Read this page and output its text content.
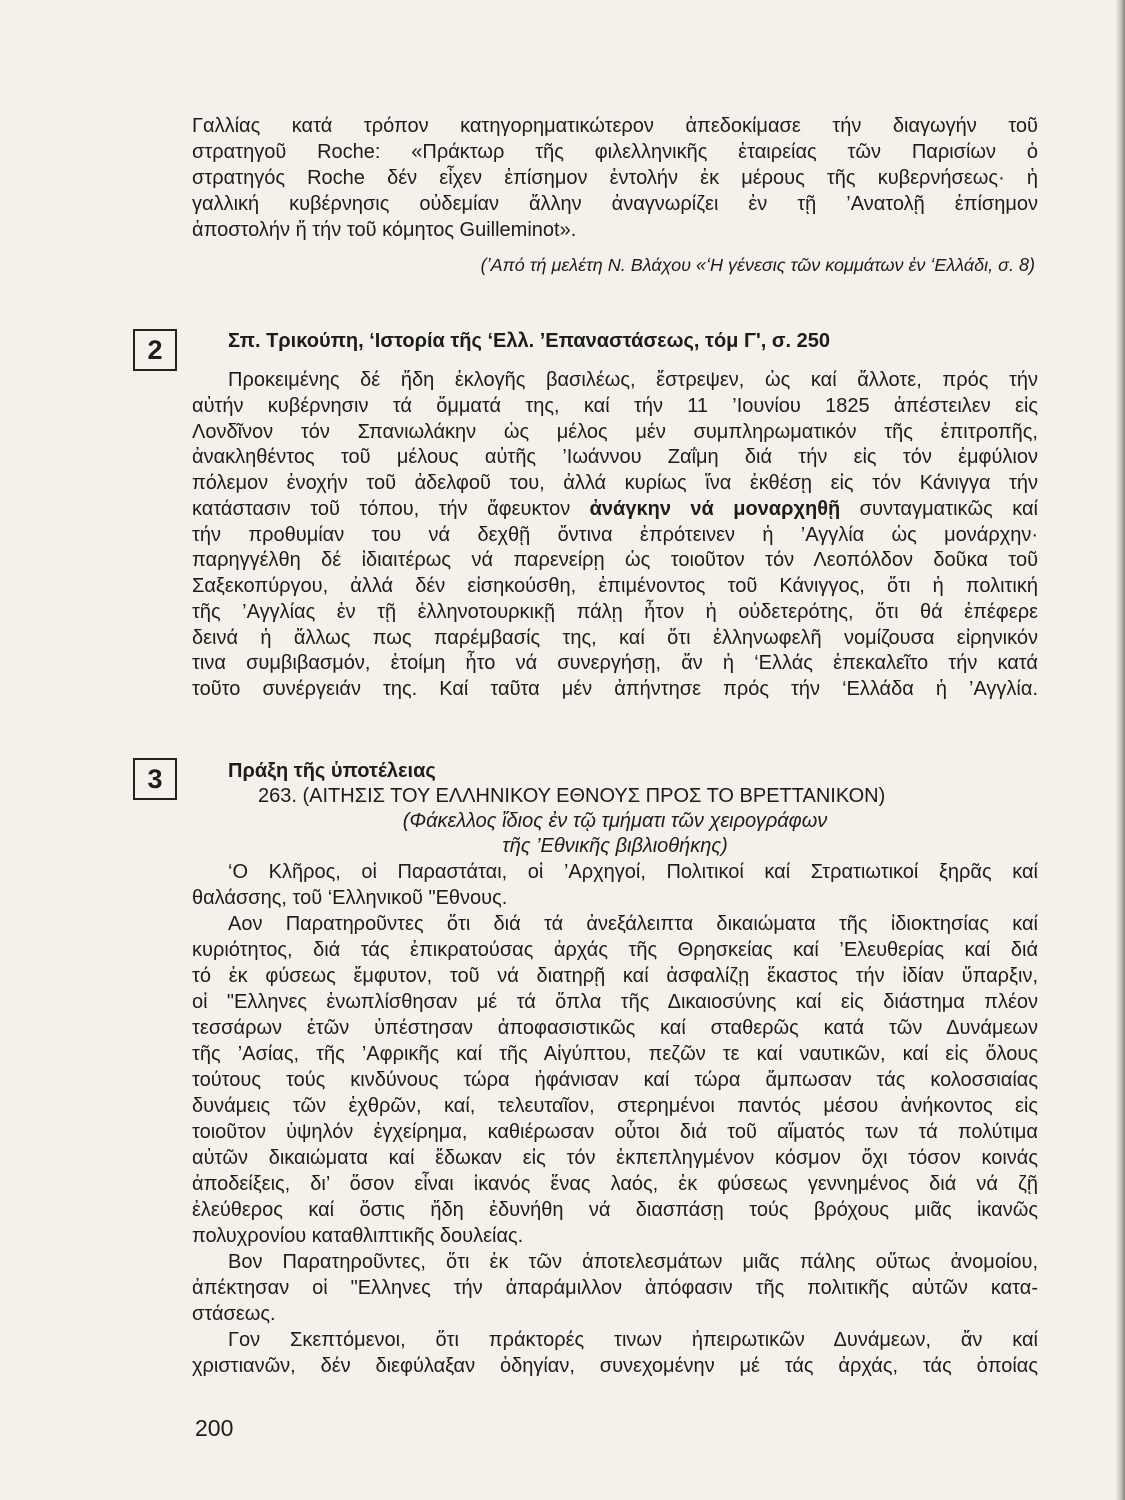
Γαλλίας κατά τρόπον κατηγορηματικώτερον ἀπεδοκίμασε τήν διαγωγήν τοῦ
στρατηγοῦ Roche: «Πράκτωρ τῆς φιλελληνικῆς ἑταιρείας τῶν Παρισίων ὁ
στρατηγός Roche δέν εἶχεν ἐπίσημον ἐντολήν ἐκ μέρους τῆς κυβερνήσεως· ἡ
γαλλική κυβέρνησις οὐδεμίαν ἄλλην ἀναγνωρίζει ἐν τῇ ’Ανατολῇ ἐπίσημον
ἀποστολήν ἤ τήν τοῦ κόμητος Guilleminot».
(’Από τή μελέτη Ν. Βλάχου «‘Η γένεσις τῶν κομμάτων ἐν ‘Ελλάδι, σ. 8)
2	Σπ. Τρικούπη, ‘Ιστορία τῆς ‘Ελλ. ’Επαναστάσεως, τόμ Γ', σ. 250
Προκειμένης δέ ἤδη ἐκλογῆς βασιλέως, ἔστρεψεν, ὡς καί ἄλλοτε, πρός τήν
αὐτήν κυβέρνησιν τά ὄμματά της, καί τήν 11 ’Ιουνίου 1825 ἀπέστειλεν εἰς
Λονδῖνον τόν Σπανιωλάκην ὡς μέλος μέν συμπληρωματικόν τῆς ἐπιτροπῆς,
ἀνακληθέντος τοῦ μέλους αὐτῆς ’Ιωάννου Ζαΐμη διά τήν εἰς τόν ἐμφύλιον
πόλεμον ἐνοχήν τοῦ ἀδελφοῦ του, ἀλλά κυρίως ἵνα ἐκθέσῃ εἰς τόν Κάνιγγα τήν
κατάστασιν τοῦ τόπου, τήν ἄφευκτον ἀνάγκην νά μοναρχηθῇ συνταγματικῶς καί
τήν προθυμίαν του νά δεχθῇ ὄντινα ἐπρότεινεν ἡ ’Αγγλία ὡς μονάρχην·
παρηγγέλθη δέ ἰδιαιτέρως νά παρενείρῃ ὡς τοιοῦτον τόν Λεοπόλδον δοῦκα τοῦ
Σαξεκοπύργου, ἀλλά δέν εἰσηκούσθη, ἐπιμένοντος τοῦ Κάνιγγος, ὅτι ἡ πολιτική
τῆς ’Αγγλίας ἐν τῇ ἑλληνοτουρκικῇ πάλῃ ἦτον ἡ οὐδετερότης, ὅτι θά ἐπέφερε
δεινά ἡ ἄλλως πως παρέμβασίς της, καί ὅτι ἑλληνωφελῆ νομίζουσα εἰρηνικόν
τινα συμβιβασμόν, ἑτοίμη ἦτο νά συνεργήσῃ, ἄν ἡ ‘Ελλάς ἐπεκαλεῖτο τήν κατά
τοῦτο συνέργειάν της. Καί ταῦτα μέν ἀπήντησε πρός τήν ‘Ελλάδα ἡ ’Αγγλία.
3	Πράξη τῆς ὑποτέλειας
263. (ΑΙΤΗΣΙΣ ΤΟΥ ΕΛΛΗΝΙΚΟΥ ΕΘΝΟΥΣ ΠΡΟΣ ΤΟ ΒΡΕΤΤΑΝΙΚΟΝ)
(Φάκελλος ἴδιος ἐν τῷ τμήματι τῶν χειρογράφων
τῆς ’Εθνικῆς βιβλιοθήκης)
‘Ο Κλῆρος, οἱ Παραστάται, οἱ ’Αρχηγοί, Πολιτικοί καί Στρατιωτικοί ξηρᾶς καί
θαλάσσης, τοῦ ‘Ελληνικοῦ "Εθνους.
Αον Παρατηροῦντες ὅτι διά τά ἀνεξάλειπτα δικαιώματα τῆς ἰδιοκτησίας καί
κυριότητος, διά τάς ἐπικρατούσας ἀρχάς τῆς Θρησκείας καί ’Ελευθερίας καί διά
τό ἐκ φύσεως ἔμφυτον, τοῦ νά διατηρῇ καί ἀσφαλίζῃ ἕκαστος τήν ἰδίαν ὕπαρξιν,
οἱ "Ελληνες ἐνωπλίσθησαν μέ τά ὅπλα τῆς Δικαιοσύνης καί εἰς διάστημα πλέον
τεσσάρων ἐτῶν ὑπέστησαν ἀποφασιστικῶς καί σταθερῶς κατά τῶν Δυνάμεων
τῆς ’Ασίας, τῆς ’Αφρικῆς καί τῆς Αἰγύπτου, πεζῶν τε καί ναυτικῶν, καί εἰς ὅλους
τούτους τούς κινδύνους τώρα ἠφάνισαν καί τώρα ἄμπωσαν τάς κολοσσιαίας
δυνάμεις τῶν ἐχθρῶν, καί, τελευταῖον, στερημένοι παντός μέσου ἀνήκοντος εἰς
τοιοῦτον ὑψηλόν ἐγχείρημα, καθιέρωσαν οὗτοι διά τοῦ αἵματός των τά πολύτιμα
αὐτῶν δικαιώματα καί ἔδωκαν εἰς τόν ἐκπεπληγμένον κόσμον ὄχι τόσον κοινάς
ἀποδείξεις, δι’ ὅσον εἶναι ἱκανός ἕνας λαός, ἐκ φύσεως γεννημένος διά νά ζῇ
ἐλεύθερος καί ὅστις ἤδη ἐδυνήθη νά διασπάσῃ τούς βρόχους μιᾶς ἱκανῶς
πολυχρονίου καταθλιπτικῆς δουλείας.
Βον Παρατηροῦντες, ὅτι ἐκ τῶν ἀποτελεσμάτων μιᾶς πάλης οὕτως ἀνομοίου,
ἀπέκτησαν οἱ "Ελληνες τήν ἀπαράμιλλον ἀπόφασιν τῆς πολιτικῆς αὐτῶν κατα-
στάσεως.
Γον Σκεπτόμενοι, ὅτι πράκτορές τινων ἠπειρωτικῶν Δυνάμεων, ἄν καί
χριστιανῶν, δέν διεφύλαξαν ὁδηγίαν, συνεχομένην μέ τάς ἀρχάς, τάς ὁποίας
200
